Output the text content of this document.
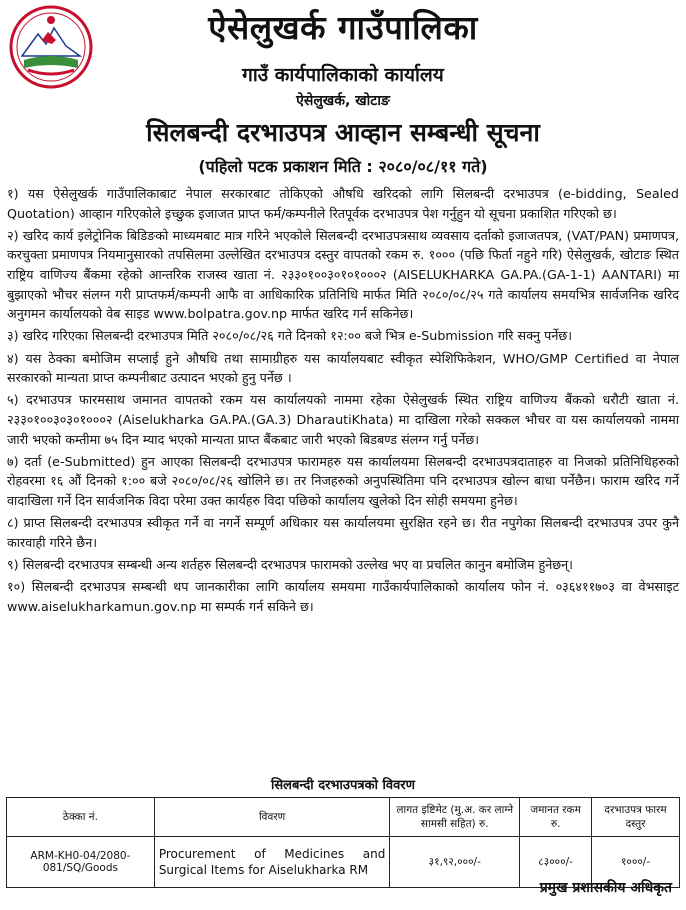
ऐसेलुखर्क गाउँपालिका
गाउँ कार्यपालिकाको कार्यालय
ऐसेलुखर्क, खोटाङ
सिलबन्दी दरभाउपत्र आव्हान सम्बन्धी सूचना
(पहिलो पटक प्रकाशन मिति : २०८०/०८/११ गते)

१) यस ऐसेलुखर्क गाउँपालिकाबाट नेपाल सरकारबाट तोकिएको औषधि खरिदको लागि सिलबन्दी दरभाउपत्र (e-bidding, Sealed Quotation) आव्हान गरिएकोले इच्छुक इजाजत प्राप्त फर्म/कम्पनीले रितपूर्वक दरभाउपत्र पेश गर्नुहुन यो सूचना प्रकाशित गरिएको छ।

२) खरिद कार्य इलेट्रोनिक बिडिङको माध्यमबाट मात्र गरिने भएकोले सिलबन्दी दरभाउपत्रसाथ व्यवसाय दर्ताको इजाजतपत्र, (VAT/PAN) प्रमाणपत्र, करचुक्ता प्रमाणपत्र नियमानुसारको तपसिलमा उल्लेखित दरभाउपत्र दस्तुर वापतको रकम रु. १००० (पछि फिर्ता नहुने गरि) ऐसेलुखर्क, खोटाङ स्थित राष्ट्रिय वाणिज्य बैंकमा रहेको आन्तरिक राजस्व खाता नं. २३३०१००३०१०१०००२ (AISELUKHARKA GA.PA.(GA-1-1) AANTARI) मा बुझाएको भौचर संलग्न गरी प्राप्तफर्म/कम्पनी आफै वा आधिकारिक प्रतिनिधि मार्फत मिति २०८०/०८/२५ गते कार्यालय समयभित्र सार्वजनिक खरिद अनुगमन कार्यालयको वेब साइड www.bolpatra.gov.np मार्फत खरिद गर्न सकिनेछ।

३) खरिद गरिएका सिलबन्दी दरभाउपत्र मिति २०८०/०८/२६ गते दिनको १२:०० बजे भित्र e-Submission गरि सक्नु पर्नेछ।

४) यस ठेक्का बमोजिम सप्लाई हुने औषधि तथा सामाग्रीहरु यस कार्यालयबाट स्वीकृत स्पेशिफिकेशन, WHO/GMP Certified वा नेपाल सरकारको मान्यता प्राप्त कम्पनीबाट उत्पादन भएको हुनु पर्नेछ ।

५) दरभाउपत्र फारमसाथ जमानत वापतको रकम यस कार्यालयको नाममा रहेका ऐसेलुखर्क स्थित राष्ट्रिय वाणिज्य बैंकको धरौटी खाता नं. २३३०१००३०३०१०००२ (Aiselukharka GA.PA.(GA.3) DharautiKhata) मा दाखिला गरेको सक्कल भौचर वा यस कार्यालयको नाममा जारी भएको कम्तीमा ७५ दिन म्याद भएको मान्यता प्राप्त बैंकबाट जारी भएको बिडबण्ड संलग्न गर्नु पर्नेछ।

७) दर्ता (e-Submitted) हुन आएका सिलबन्दी दरभाउपत्र फारामहरु यस कार्यालयमा सिलबन्दी दरभाउपत्रदाताहरु वा निजको प्रतिनिधिहरुको रोहवरमा १६ औं दिनको १:०० बजे २०८०/०८/२६ खोलिने छ। तर निजहरुको अनुपस्थितिमा पनि दरभाउपत्र खोल्न बाधा पर्नेछैन। फाराम खरिद गर्ने वादाखिला गर्ने दिन सार्वजनिक विदा परेमा उक्त कार्यहरु विदा पछिको कार्यालय खुलेको दिन सोही समयमा हुनेछ।

८) प्राप्त सिलबन्दी दरभाउपत्र स्वीकृत गर्ने वा नगर्ने सम्पूर्ण अधिकार यस कार्यालयमा सुरक्षित रहने छ। रीत नपुगेका सिलबन्दी दरभाउपत्र उपर कुनै कारवाही गरिने छैन।

९) सिलबन्दी दरभाउपत्र सम्बन्धी अन्य शर्तहरु सिलबन्दी दरभाउपत्र फारामको उल्लेख भए वा प्रचलित कानुन बमोजिम हुनेछन्।

१०) सिलबन्दी दरभाउपत्र सम्बन्धी थप जानकारीका लागि कार्यालय समयमा गाउँकार्यपालिकाको कार्यालय फोन नं. ०३६४११७०३ वा वेभसाइट www.aiselukharkamun.gov.np मा सम्पर्क गर्न सकिने छ।

सिलबन्दी दरभाउपत्रको विवरण
ठेक्का नं.	विवरण	लागत इष्टिमेट (मु.अ. कर लाग्ने सामसी सहित) रु.	जमानत रकम रु.	दरभाउपत्र फारम दस्तुर
ARM-KH0-04/2080-081/SQ/Goods	Procurement of Medicines and Surgical Items for Aiselukharka RM	३१,९२,०००/-	८३०००/-	१०००/-
प्रमुख प्रशासकीय अधिकृत
